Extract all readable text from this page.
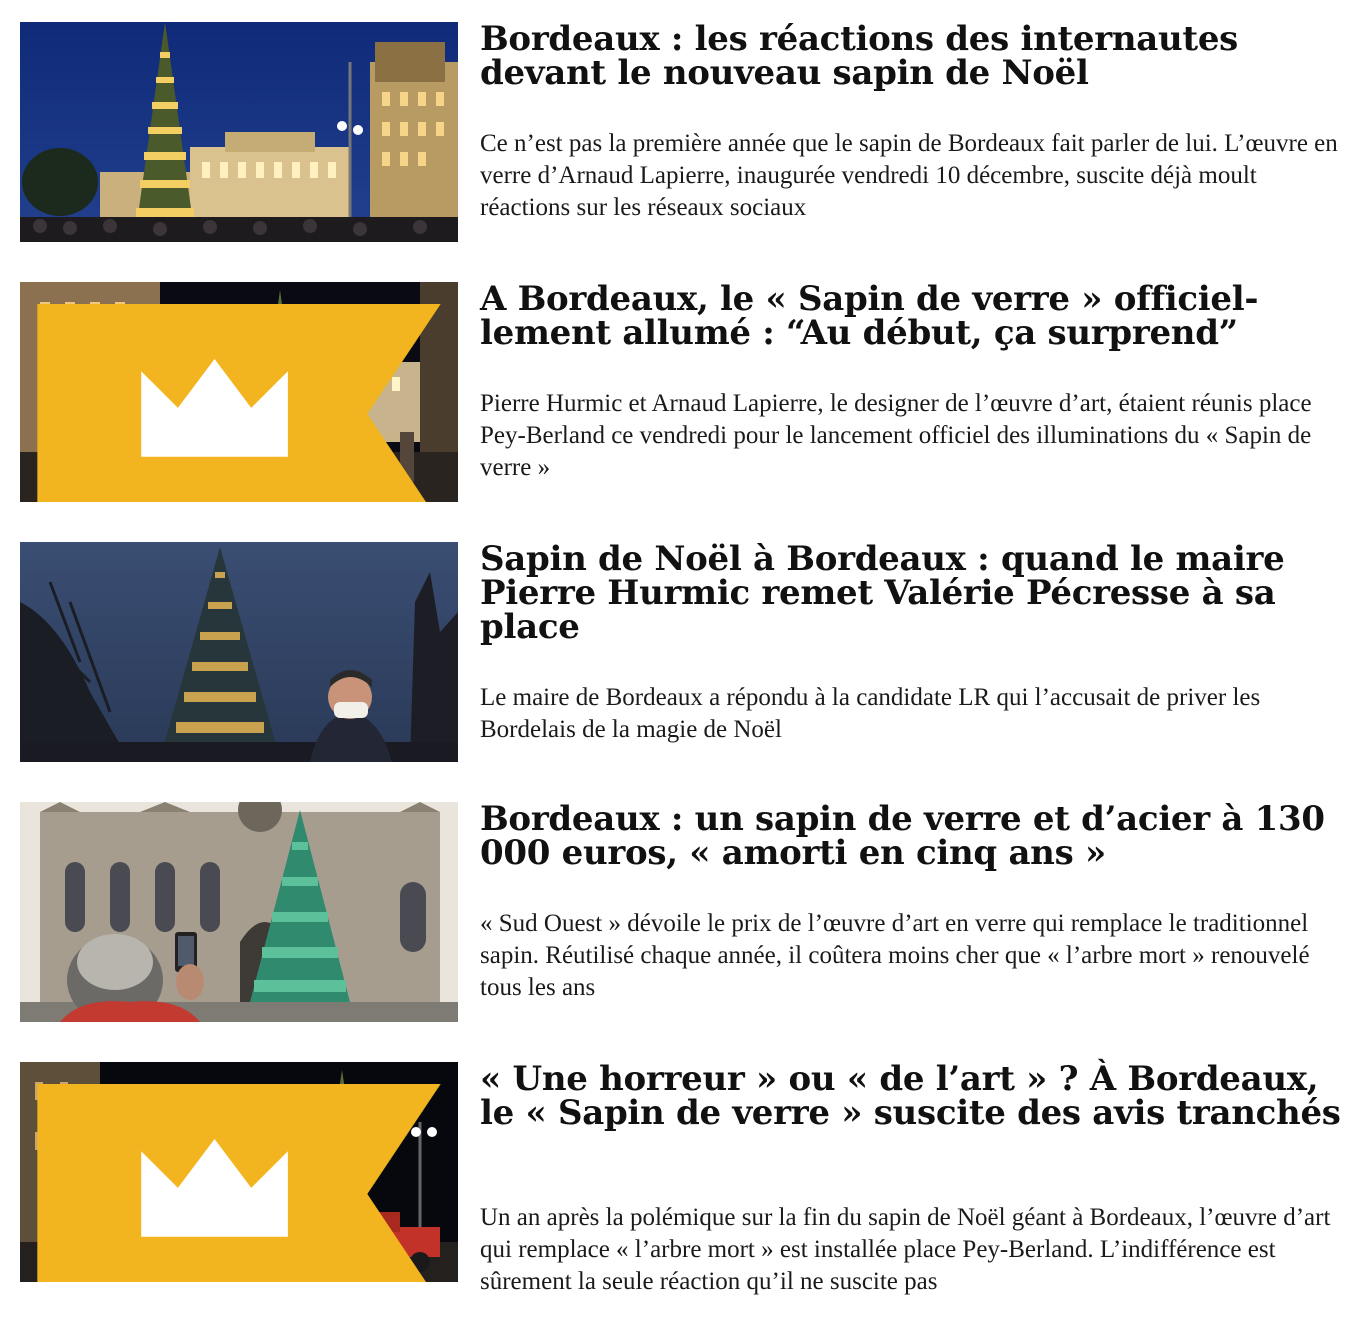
Bordeaux : les réactions des internautes devant le nouveau sapin de Noël

Ce n’est pas la première année que le sapin de Bordeaux fait parler de lui. L’œuvre en verre d’Arnaud Lapierre, inaugurée vendredi 10 décembre, suscite déjà moult réactions sur les réseaux sociaux

A Bordeaux, le « Sapin de verre » officiellement allumé : “Au début, ça surprend”

Pierre Hurmic et Arnaud Lapierre, le designer de l’œuvre d’art, étaient réunis place Pey-Berland ce vendredi pour le lancement officiel des illuminations du « Sapin de verre »

Sapin de Noël à Bordeaux : quand le maire Pierre Hurmic remet Valérie Pécresse à sa place

Le maire de Bordeaux a répondu à la candidate LR qui l’accusait de priver les Bordelais de la magie de Noël

Bordeaux : un sapin de verre et d’acier à 130 000 euros, « amorti en cinq ans »

« Sud Ouest » dévoile le prix de l’œuvre d’art en verre qui remplace le traditionnel sapin. Réutilisé chaque année, il coûtera moins cher que « l’arbre mort » renouvelé tous les ans

« Une horreur » ou « de l’art » ? À Bordeaux, le « Sapin de verre » suscite des avis tranchés

Un an après la polémique sur la fin du sapin de Noël géant à Bordeaux, l’œuvre d’art qui remplace « l’arbre mort » est installée place Pey-Berland. L’indifférence est sûrement la seule réaction qu’il ne suscite pas
